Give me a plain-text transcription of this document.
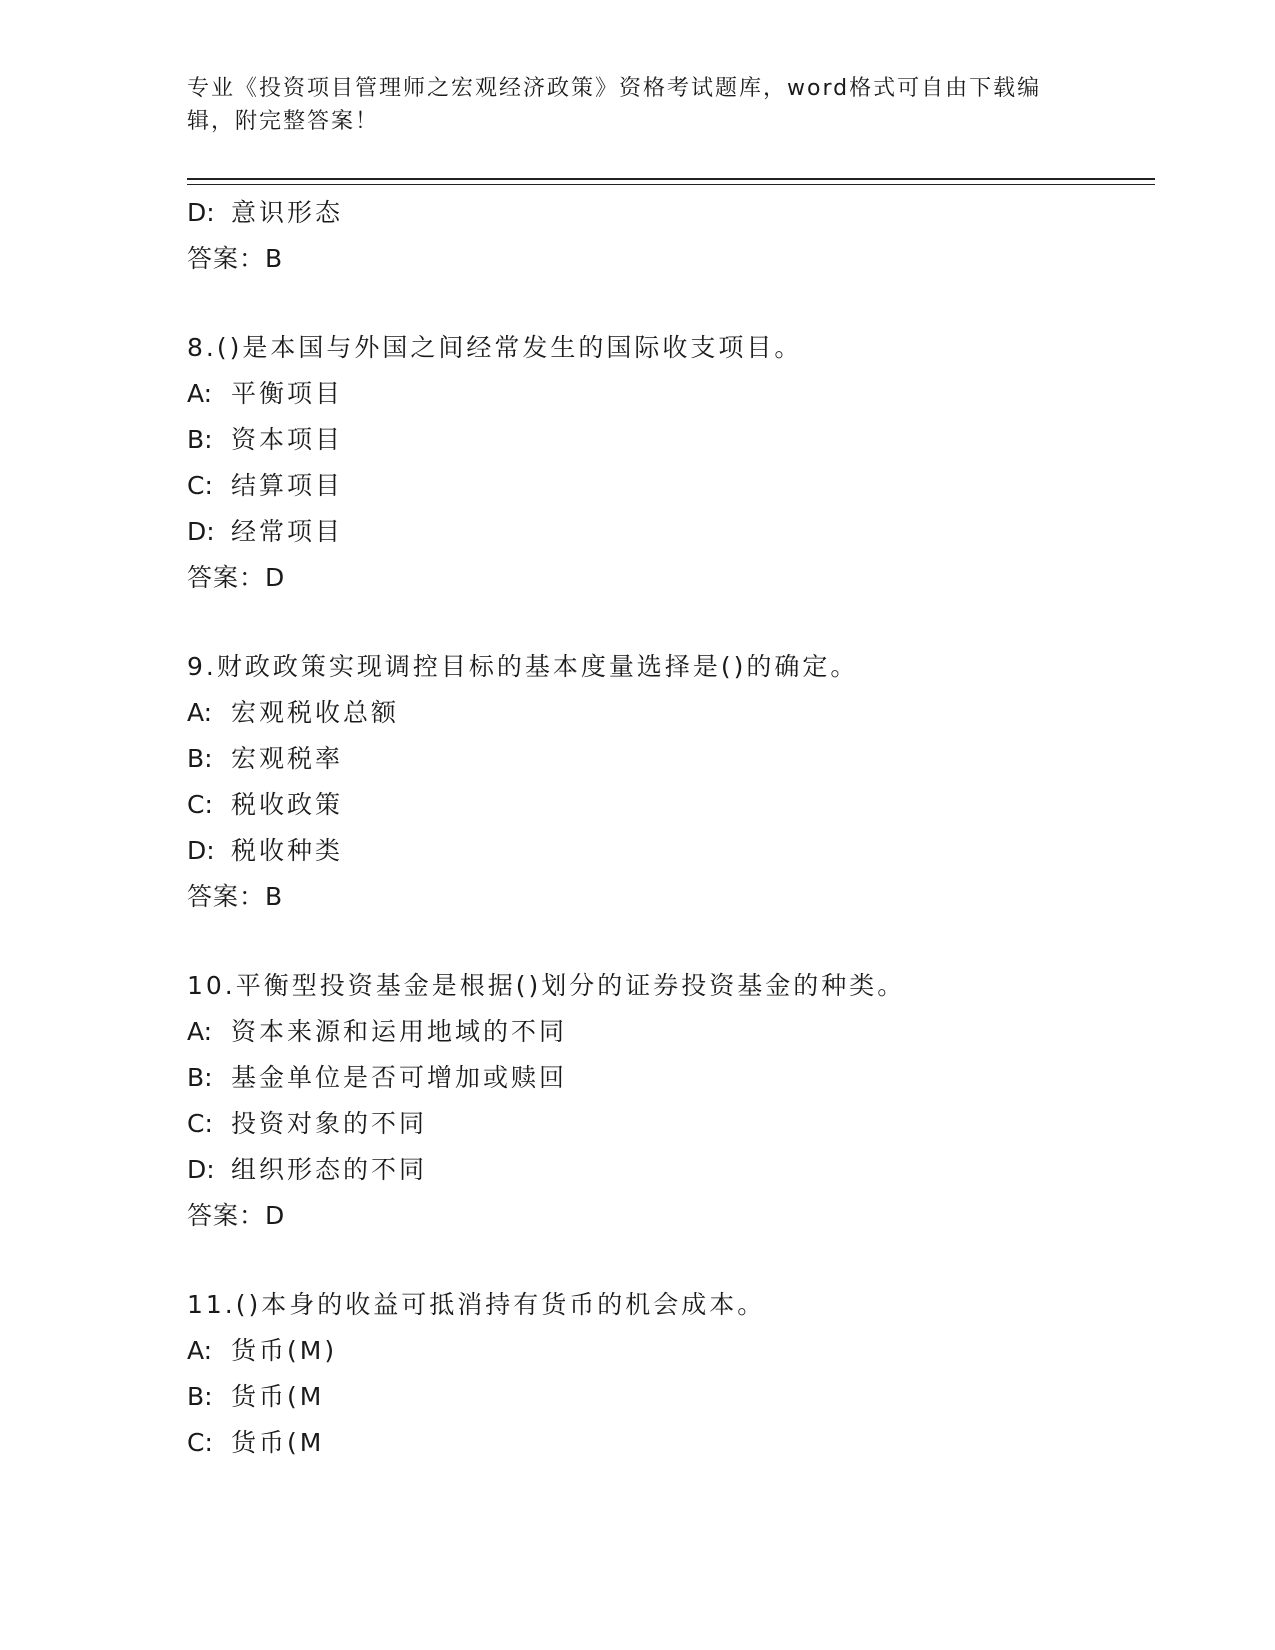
专业《投资项目管理师之宏观经济政策》资格考试题库，word格式可自由下载编
辑，附完整答案！
D: 意识形态
答案：B
8.()是本国与外国之间经常发生的国际收支项目。
A: 平衡项目
B: 资本项目
C: 结算项目
D: 经常项目
答案：D
9.财政政策实现调控目标的基本度量选择是()的确定。
A: 宏观税收总额
B: 宏观税率
C: 税收政策
D: 税收种类
答案：B
10.平衡型投资基金是根据()划分的证券投资基金的种类。
A: 资本来源和运用地域的不同
B: 基金单位是否可增加或赎回
C: 投资对象的不同
D: 组织形态的不同
答案：D
11.()本身的收益可抵消持有货币的机会成本。
A: 货币(M)
B: 货币(M
C: 货币(M
